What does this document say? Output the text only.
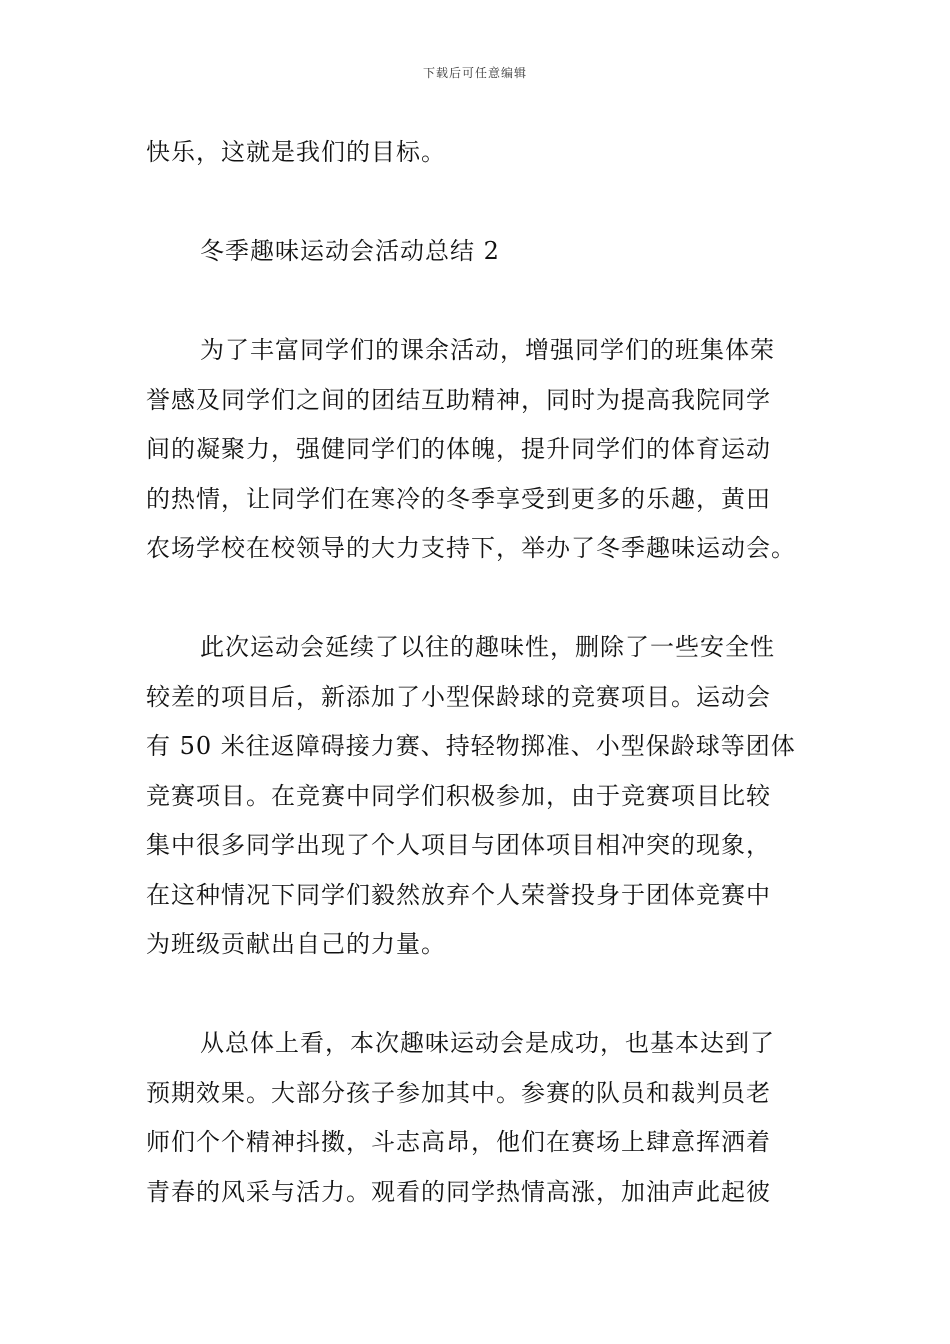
下载后可任意编辑
快乐，这就是我们的目标。
冬季趣味运动会活动总结 2
为了丰富同学们的课余活动，增强同学们的班集体荣
誉感及同学们之间的团结互助精神，同时为提高我院同学
间的凝聚力，强健同学们的体魄，提升同学们的体育运动
的热情，让同学们在寒冷的冬季享受到更多的乐趣，黄田
农场学校在校领导的大力支持下，举办了冬季趣味运动会。
此次运动会延续了以往的趣味性，删除了一些安全性
较差的项目后，新添加了小型保龄球的竞赛项目。运动会
有 50 米往返障碍接力赛、持轻物掷准、小型保龄球等团体
竞赛项目。在竞赛中同学们积极参加，由于竞赛项目比较
集中很多同学出现了个人项目与团体项目相冲突的现象，
在这种情况下同学们毅然放弃个人荣誉投身于团体竞赛中
为班级贡献出自己的力量。
从总体上看，本次趣味运动会是成功，也基本达到了
预期效果。大部分孩子参加其中。参赛的队员和裁判员老
师们个个精神抖擞，斗志高昂，他们在赛场上肆意挥洒着
青春的风采与活力。观看的同学热情高涨，加油声此起彼
